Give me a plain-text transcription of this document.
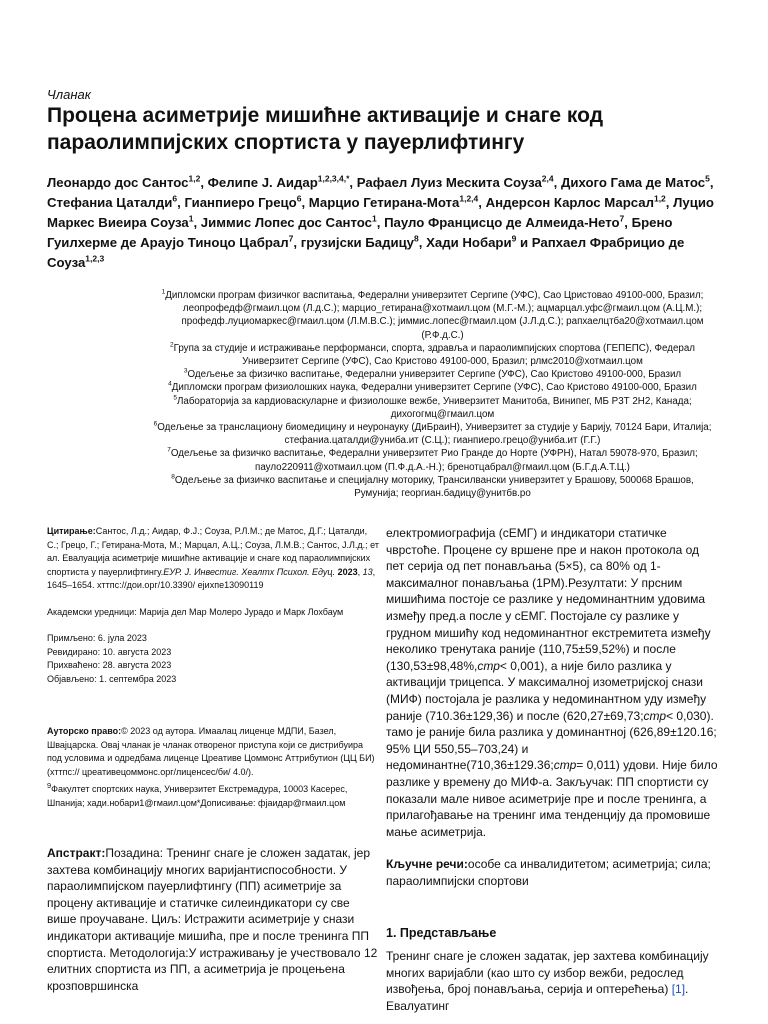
Чланак
Процена асиметрије мишићне активације и снаге код параолимпијских спортиста у пауерлифтингу

Леонардо дос Сантос$^{1,2}$, Фелипе J. Аидар$^{1,2,3,4,*}$, Рафаел Луиз Мескита Соуза$^{2,4}$, Дихого Гама де Матос$^5$, Стефаниа Цаталди$^6$, Гианпиеро Грецо$^6$, Марцио Гетирана-Мота$^{1,2,4}$, Андерсон Карлос Марсал$^{1,2}$, Луцио Маркес Виеира Соуза$^1$, Јиммис Лопес дос Сантос$^1$, Пауло Францисцо де Алмеида-Нето$^7$, Брено Гуилхерме де Араујо Тиноцо Цабрал$^7$, грузијски Бадицу$^8$, Хади Нобари$^9$ и Рапхаел Фрабрицио де Соуза$^{1,2,3}$

$^1$Дипломски програм физичког васпитања, Федерални универзитет Сергипе (УФС), Сао Цристовао 49100-000, Бразил; леопрофедф@гмаил.цом (Л.д.С.); марцио_гетирана@хотмаил.цом (М.Г.-М.); ацмарцал.уфс@гмаил.цом (А.Ц.М.); профедф.луциомаркес@гмаил.цом (Л.М.В.С.); јиммис.лопес@гмаил.цом (Ј.Л.д.С.); рапхаелцтба20@хотмаил.цом (Р.Ф.д.С.)

$^2$Група за студије и истраживање перформанси, спорта, здравља и параолимпијских спортова (ГЕПЕПС), Федерал Универзитет Сергипе (УФС), Сао Кристово 49100-000, Бразил; рлмс2010@хотмаил.цом

$^3$Одељење за физичко васпитање, Федерални универзитет Сергипе (УФС), Сао Кристово 49100-000, Бразил

$^4$Дипломски програм физиолошких наука, Федерални универзитет Сергипе (УФС), Сао Кристово 49100-000, Бразил

$^5$Лабораторија за кардиоваскуларне и физиолошке вежбе, Универзитет Манитоба, Винипег, МБ Р3Т 2Н2, Канада; дихогогмц@гмаил.цом

$^6$Одељење за транслациону биомедицину и неуронауку (ДиБраиН), Универзитет за студије у Барију, 70124 Бари, Италија; стефаниа.цаталди@униба.ит (С.Ц.); гианпиеро.грецо@униба.ит (Г.Г.)

$^7$Одељење за физичко васпитање, Федерални универзитет Рио Гранде до Норте (УФРН), Натал 59078-970, Бразил; пауло220911@хотмаил.цом (П.Ф.д.А.-Н.); бренотцабрал@гмаил.цом (Б.Г.д.А.Т.Ц.)

$^8$Одељење за физичко васпитање и специјалну моторику, Трансилвански универзитет у Брашову, 500068 Брашов, Румунија; георгиан.бадицу@унитбв.ро

Цитирање:Сантос, Л.д.; Аидар, Ф.Ј.; Соуза, Р.Л.М.; де Матос, Д.Г.; Цаталди, С.; Грецо, Г.; Гетирана-Мота, М.; Марцал, А.Ц.; Соуза, Л.М.В.; Сантос, Ј.Л.д.; ет ал. Евалуација асиметрије мишићне активације и снаге код параолимпијских спортиста у пауерлифтингу.ЕУР. Ј. Инвестиг. Хеалтх Психол. Едуц. 2023, 13, 1645–1654. хттпс://дои.орг/10.3390/ ејихпе13090119

Академски уредници: Марија дел Мар Молеро Јурадо и Марк Лохбаум

Примљено: 6. јула 2023

Ревидирано: 10. августа 2023

Прихваћено: 28. августа 2023

Објављено: 1. септембра 2023

Ауторско право:© 2023 од аутора. Имаалац лиценце МДПИ, Базел, Швајцарска. Овај чланак је чланак отвореног приступа који се дистрибуира под условима и одредбама лиценце Цреативе Цоммонс Аттрибутион (ЦЦ БИ) (хттпс:// цреативецоммонс.орг/лиценсес/би/ 4.0/).

$^9$Факултет спортских наука, Универзитет Екстремадура, 10003 Касерес, Шпанија; хади.нобари1@гмаил.цом*Дописивање: фјаидар@гмаил.цом

Апстракт:Позадина: Тренинг снаге је сложен задатак, јер захтева комбинацију многих варијантиспособности. У параолимпијском пауерлифтингу (ПП) асиметрије за процену активације и статичке силеиндикатори су све више проучаване. Циљ: Истражити асиметрије у снази индикатори активације мишића, пре и после тренинга ПП спортиста. Методологија:У истраживању је учествовало 12 елитних спортиста из ПП, а асиметрија је процењена крозповршинска

електромиографија (сЕМГ) и индикатори статичке чврстоће. Процене су вршене пре и након протокола од пет серија од пет понављања (5×5), са 80% од 1-максималног понављања (1РМ).Резултати: У прсним мишићима постоје се разлике у недоминантним удовима између пред.а после у сЕМГ. Постојале су разлике у грудном мишићу код недоминантног екстремитета између неколико тренутака раније (110,75±59,52%) и после (130,53±98,48%,стр< 0,001), а није било разлика у активацији трицепса. У максималној изометријској снази (МИФ) постојала је разлика у недоминантном уду између раније (710.36±129,36) и после (620,27±69,73;стр< 0,030). тамо је раније била разлика у доминантној (626,89±120.16; 95% ЦИ 550,55–703,24) и недоминантне(710,36±129.36;стр= 0,011) удови. Није било разлике у времену до МИФ-а. Закључак: ПП спортисти су показали мале нивое асиметрије пре и после тренинга, а прилагођавање на тренинг има тенденцију да промовише мање асиметрија.

Кључне речи:особе са инвалидитетом; асиметрија; сила; параолимпијски спортови

1. Представљање

Тренинг снаге је сложен задатак, јер захтева комбинацију многих варијабли (као што су избор вежби, редослед извођења, број понављања, серија и оптерећења) [1]. Евалуатинг
